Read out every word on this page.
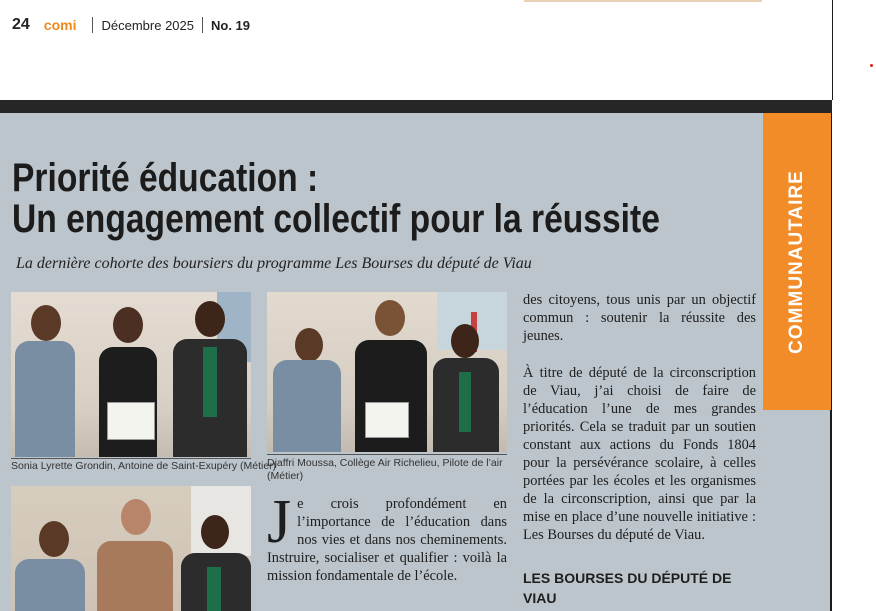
24 comi Décembre 2025 No. 19
COMMUNAUTAIRE
Priorité éducation :
Un engagement collectif pour la réussite
La dernière cohorte des boursiers du programme Les Bourses du député de Viau
Sonia Lyrette Grondin, Antoine de Saint-Exupéry (Métier)
Djaffri Moussa, Collège Air Richelieu, Pilote de l’air
(Métier)
J e crois profondément en l’importance de l’éducation dans nos vies et dans nos cheminements. Instruire, socialiser et qualifier : voilà la mission fondamentale de l’école.
des citoyens, tous unis par un objectif commun : soutenir la réussite des jeunes.
À titre de député de la circonscription de Viau, j’ai choisi de faire de l’éducation l’une de mes grandes priorités. Cela se traduit par un soutien constant aux actions du Fonds 1804 pour la persévérance scolaire, à celles portées par les écoles et les organismes de la circonscription, ainsi que par la mise en place d’une nouvelle initiative : Les Bourses du député de Viau.
LES BOURSES DU DÉPUTÉ DE VIAU
